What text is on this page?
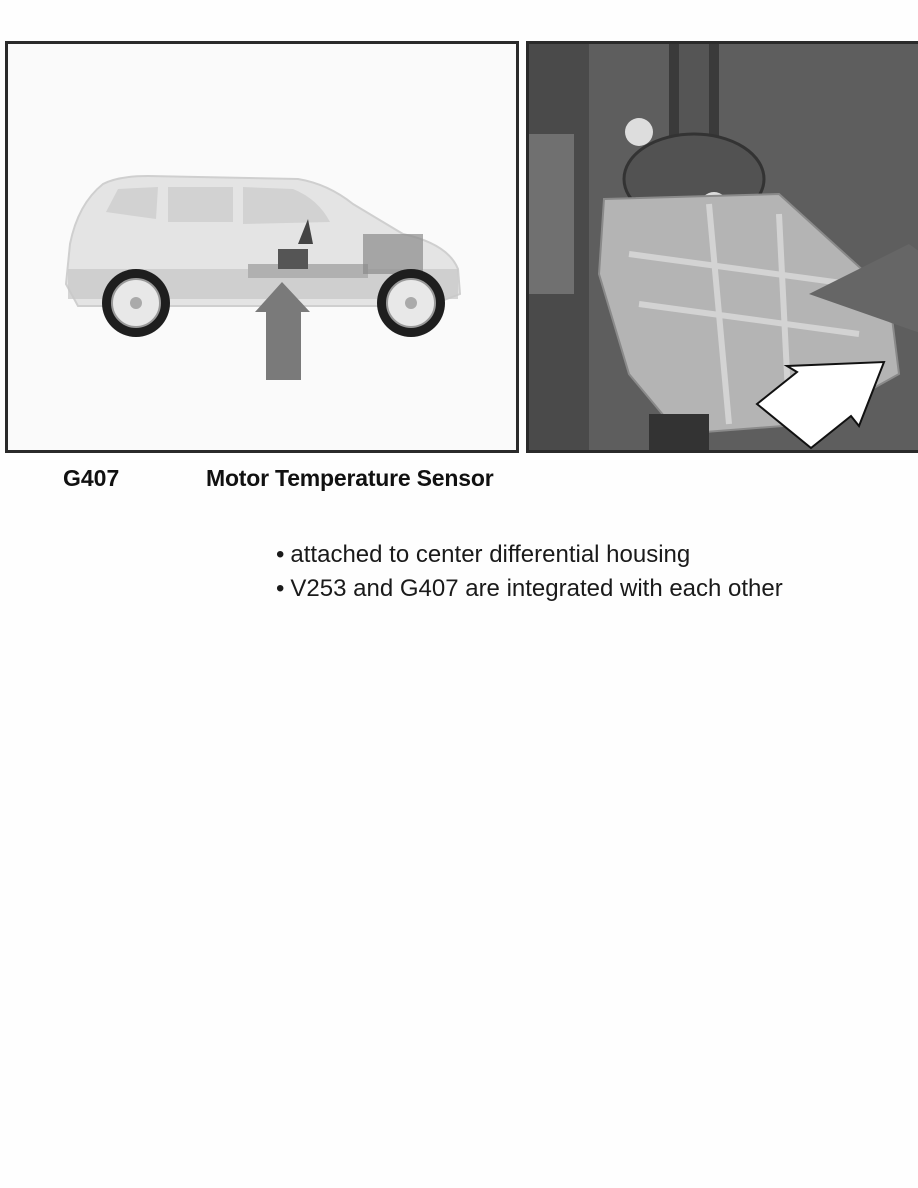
G407	Motor Temperature Sensor
• attached to center differential housing
• V253 and G407 are integrated with each other
